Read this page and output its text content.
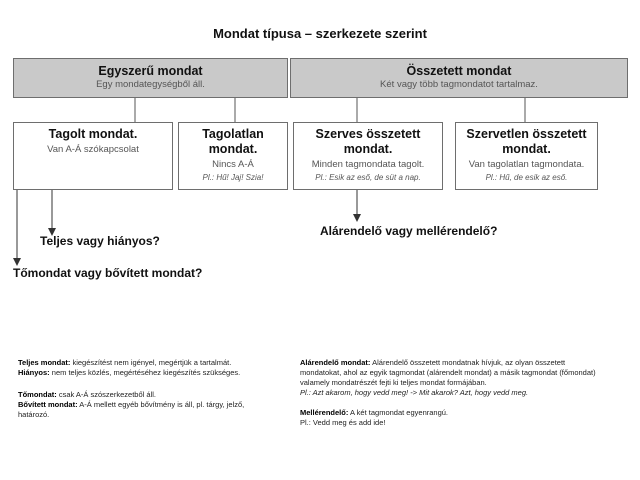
Mondat típusa – szerkezete szerint
Egyszerű mondat
Egy mondategységből áll.
Összetett mondat
Két vagy több tagmondatot tartalmaz.
Tagolt mondat.
Van A-Á szókapcsolat
Tagolatlan
mondat.
Nincs A-Á
Pl.: Hű! Jaj! Szia!
Szerves összetett
mondat.
Minden tagmondata tagolt.
Pl.: Esik az eső, de süt a nap.
Szervetlen összetett
mondat.
Van tagolatlan tagmondata.
Pl.: Hű, de esik az eső.
Teljes vagy hiányos?
Tőmondat vagy bővített mondat?
Alárendelő vagy mellérendelő?
Teljes mondat: kiegészítést nem igényel, megértjük a tartalmát.
Hiányos: nem teljes közlés, megértéséhez kiegészítés szükséges.
Tőmondat: csak A-Á szószerkezetből áll.
Bővített mondat: A-Á mellett egyéb bővítmény is áll, pl. tárgy, jelző, határozó.
Alárendelő mondat: Alárendelő összetett mondatnak hívjuk, az olyan összetett mondatokat, ahol az egyik tagmondat (alárendelt mondat) a másik tagmondat (főmondat) valamely mondatrészét fejti ki teljes mondat formájában.
Pl.: Azt akarom, hogy vedd meg! -> Mit akarok? Azt, hogy vedd meg.
Mellérendelő: A két tagmondat egyenrangú.
Pl.: Vedd meg és add ide!
